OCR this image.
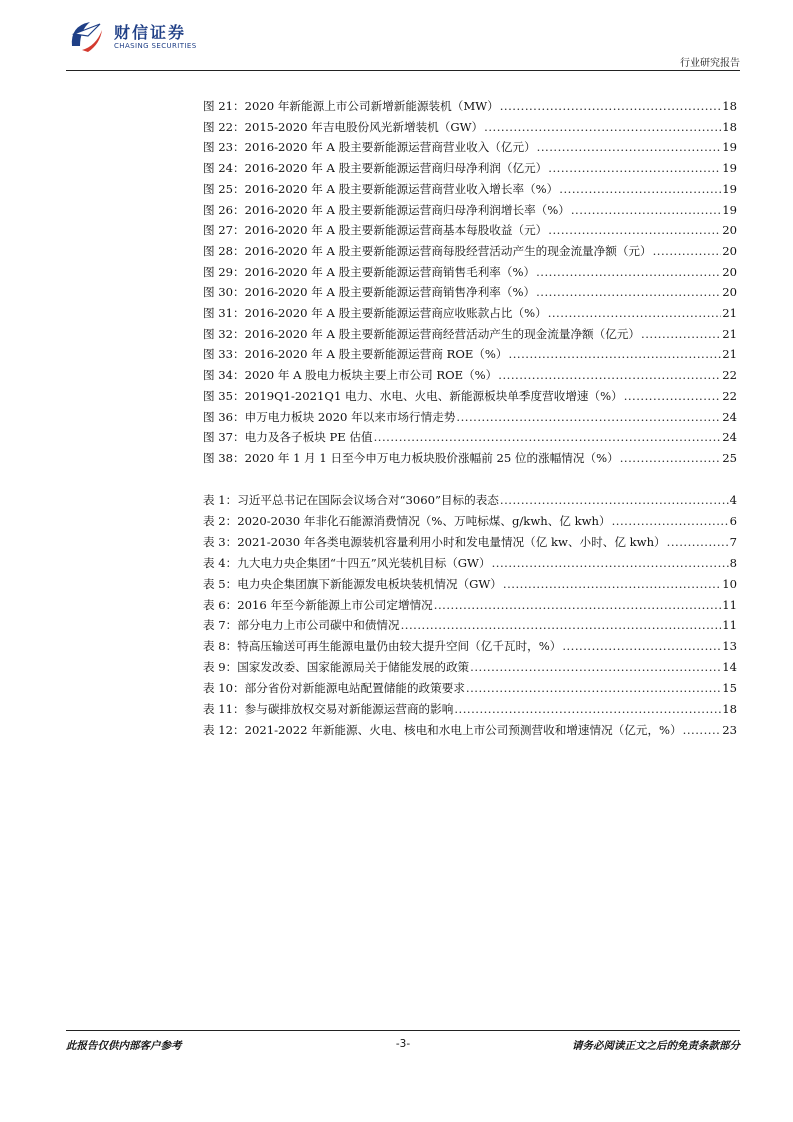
财信证券
CHASING SECURITIES
行业研究报告
图 21：2020 年新能源上市公司新增新能源装机（MW） .....	18
图 22：2015-2020 年吉电股份风光新增装机（GW） .....	18
图 23：2016-2020 年 A 股主要新能源运营商营业收入（亿元） .....	19
图 24：2016-2020 年 A 股主要新能源运营商归母净利润（亿元） .....	19
图 25：2016-2020 年 A 股主要新能源运营商营业收入增长率（%） .....	19
图 26：2016-2020 年 A 股主要新能源运营商归母净利润增长率（%） .....	19
图 27：2016-2020 年 A 股主要新能源运营商基本每股收益（元） .....	20
图 28：2016-2020 年 A 股主要新能源运营商每股经营活动产生的现金流量净额（元） .....	20
图 29：2016-2020 年 A 股主要新能源运营商销售毛利率（%） .....	20
图 30：2016-2020 年 A 股主要新能源运营商销售净利率（%） .....	20
图 31：2016-2020 年 A 股主要新能源运营商应收账款占比（%） .....	21
图 32：2016-2020 年 A 股主要新能源运营商经营活动产生的现金流量净额（亿元） .....	21
图 33：2016-2020 年 A 股主要新能源运营商 ROE（%） .....	21
图 34：2020 年 A 股电力板块主要上市公司 ROE（%） .....	22
图 35：2019Q1-2021Q1 电力、水电、火电、新能源板块单季度营收增速（%） .....	22
图 36：申万电力板块 2020 年以来市场行情走势 .....	24
图 37：电力及各子板块 PE 估值 .....	24
图 38：2020 年 1 月 1 日至今申万电力板块股价涨幅前 25 位的涨幅情况（%） .....	25
表 1：习近平总书记在国际会议场合对“3060”目标的表态 .....	4
表 2：2020-2030 年非化石能源消费情况（%、万吨标煤、g/kwh、亿 kwh） .....	6
表 3：2021-2030 年各类电源装机容量利用小时和发电量情况（亿 kw、小时、亿 kwh） .....	7
表 4：九大电力央企集团“十四五”风光装机目标（GW） .....	8
表 5：电力央企集团旗下新能源发电板块装机情况（GW） .....	10
表 6：2016 年至今新能源上市公司定增情况 .....	11
表 7：部分电力上市公司碳中和债情况 .....	11
表 8：特高压输送可再生能源电量仍由较大提升空间（亿千瓦时，%） .....	13
表 9：国家发改委、国家能源局关于储能发展的政策 .....	14
表 10：部分省份对新能源电站配置储能的政策要求 .....	15
表 11：参与碳排放权交易对新能源运营商的影响 .....	18
表 12：2021-2022 年新能源、火电、核电和水电上市公司预测营收和增速情况（亿元，%） .....	23
此报告仅供内部客户参考	-3-	请务必阅读正文之后的免责条款部分
